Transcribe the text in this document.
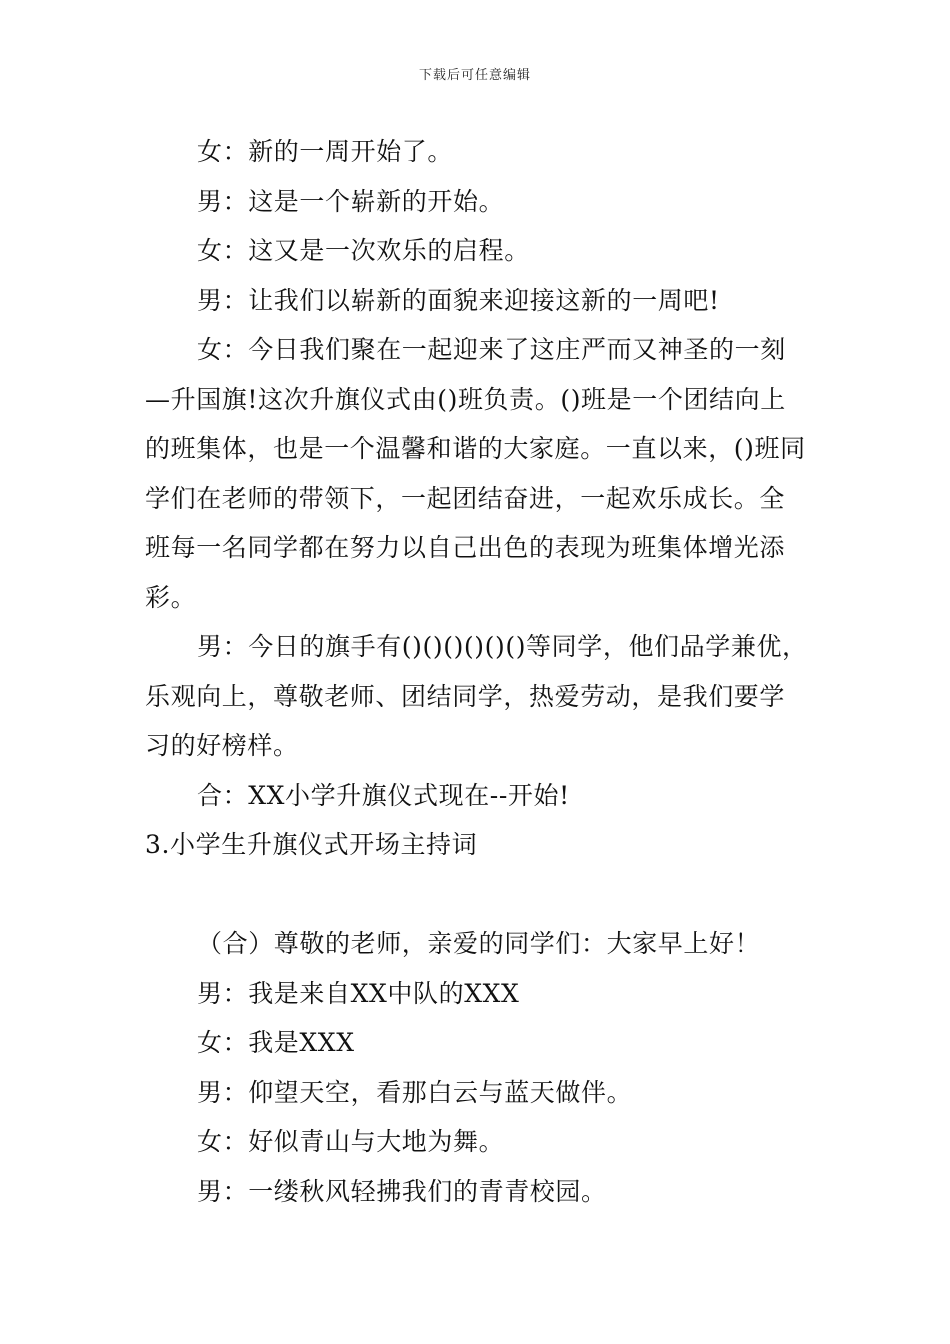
下载后可任意编辑

女：新的一周开始了。

男：这是一个崭新的开始。

女：这又是一次欢乐的启程。

男：让我们以崭新的面貌来迎接这新的一周吧!

女：今日我们聚在一起迎来了这庄严而又神圣的一刻—升国旗!这次升旗仪式由()班负责。()班是一个团结向上的班集体，也是一个温馨和谐的大家庭。一直以来，()班同学们在老师的带领下，一起团结奋进，一起欢乐成长。全班每一名同学都在努力以自己出色的表现为班集体增光添彩。

男：今日的旗手有()()()()()()等同学，他们品学兼优，乐观向上，尊敬老师、团结同学，热爱劳动，是我们要学习的好榜样。

合：XX小学升旗仪式现在--开始!

3.小学生升旗仪式开场主持词

（合）尊敬的老师，亲爱的同学们：大家早上好！

男：我是来自XX中队的XXX

女：我是XXX

男：仰望天空，看那白云与蓝天做伴。

女：好似青山与大地为舞。

男：一缕秋风轻拂我们的青青校园。
